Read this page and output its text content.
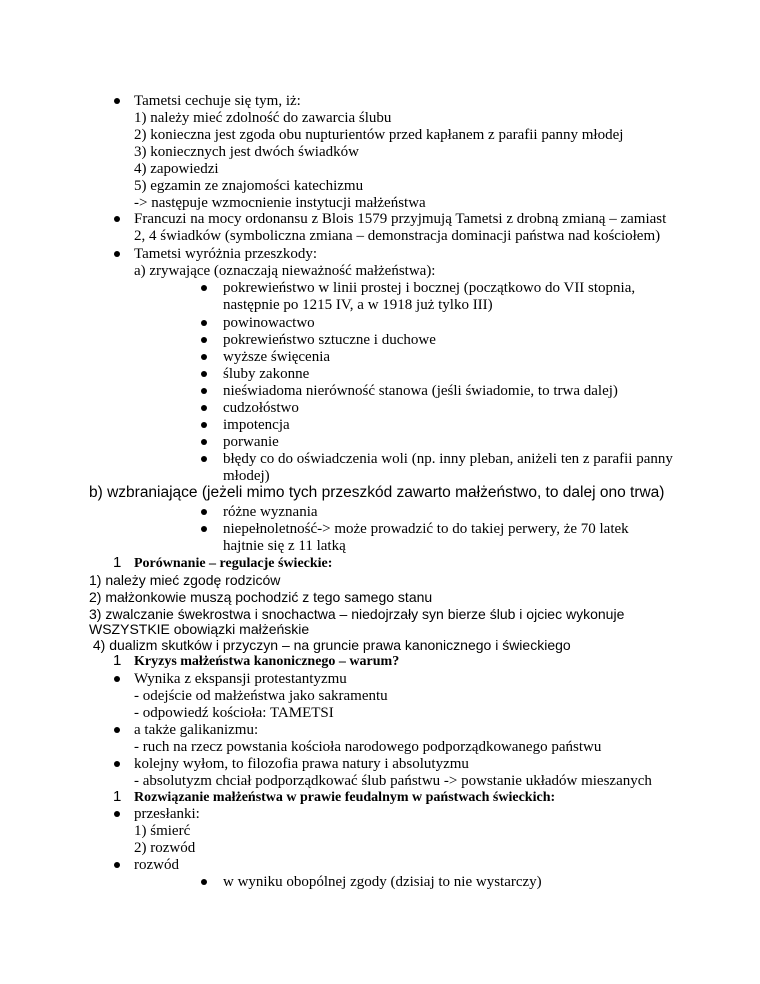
Tametsi cechuje się tym, iż:
1) należy mieć zdolność do zawarcia ślubu
2) konieczna jest zgoda obu nupturientów przed kapłanem z parafii panny młodej
3) koniecznych jest dwóch świadków
4) zapowiedzi
5) egzamin ze znajomości katechizmu
-> następuje wzmocnienie instytucji małżeństwa
Francuzi na mocy ordonansu z Blois 1579 przyjmują Tametsi z drobną zmianą – zamiast
2, 4 świadków (symboliczna zmiana – demonstracja dominacji państwa nad kościołem)
Tametsi wyróżnia przeszkody:
a) zrywające (oznaczają nieważność małżeństwa):
pokrewieństwo w linii prostej i bocznej (początkowo do VII stopnia,
następnie po 1215 IV, a w 1918 już tylko III)
powinowactwo
pokrewieństwo sztuczne i duchowe
wyższe święcenia
śluby zakonne
nieświadoma nierówność stanowa (jeśli świadomie, to trwa dalej)
cudzołóstwo
impotencja
porwanie
błędy co do oświadczenia woli (np. inny pleban, aniżeli ten z parafii panny
młodej)
b) wzbraniające (jeżeli mimo tych przeszkód zawarto małżeństwo, to dalej ono trwa)
różne wyznania
niepełnoletność-> może prowadzić to do takiej perwery, że 70 latek
hajtnie się z 11 latką
1 Porównanie – regulacje świeckie:
1) należy mieć zgodę rodziców
2) małżonkowie muszą pochodzić z tego samego stanu
3) zwalczanie śwekrostwa i snochactwa – niedojrzały syn bierze ślub i ojciec wykonuje
WSZYSTKIE obowiązki małżeńskie
4) dualizm skutków i przyczyn – na gruncie prawa kanonicznego i świeckiego
1 Kryzys małżeństwa kanonicznego – warum?
Wynika z ekspansji protestantyzmu
- odejście od małżeństwa jako sakramentu
- odpowiedź kościoła: TAMETSI
a także galikanizmu:
- ruch na rzecz powstania kościoła narodowego podporządkowanego państwu
kolejny wyłom, to filozofia prawa natury i absolutyzmu
- absolutyzm chciał podporządkować ślub państwu -> powstanie układów mieszanych
1 Rozwiązanie małżeństwa w prawie feudalnym w państwach świeckich:
przesłanki:
1) śmierć
2) rozwód
rozwód
w wyniku obopólnej zgody (dzisiaj to nie wystarczy)
